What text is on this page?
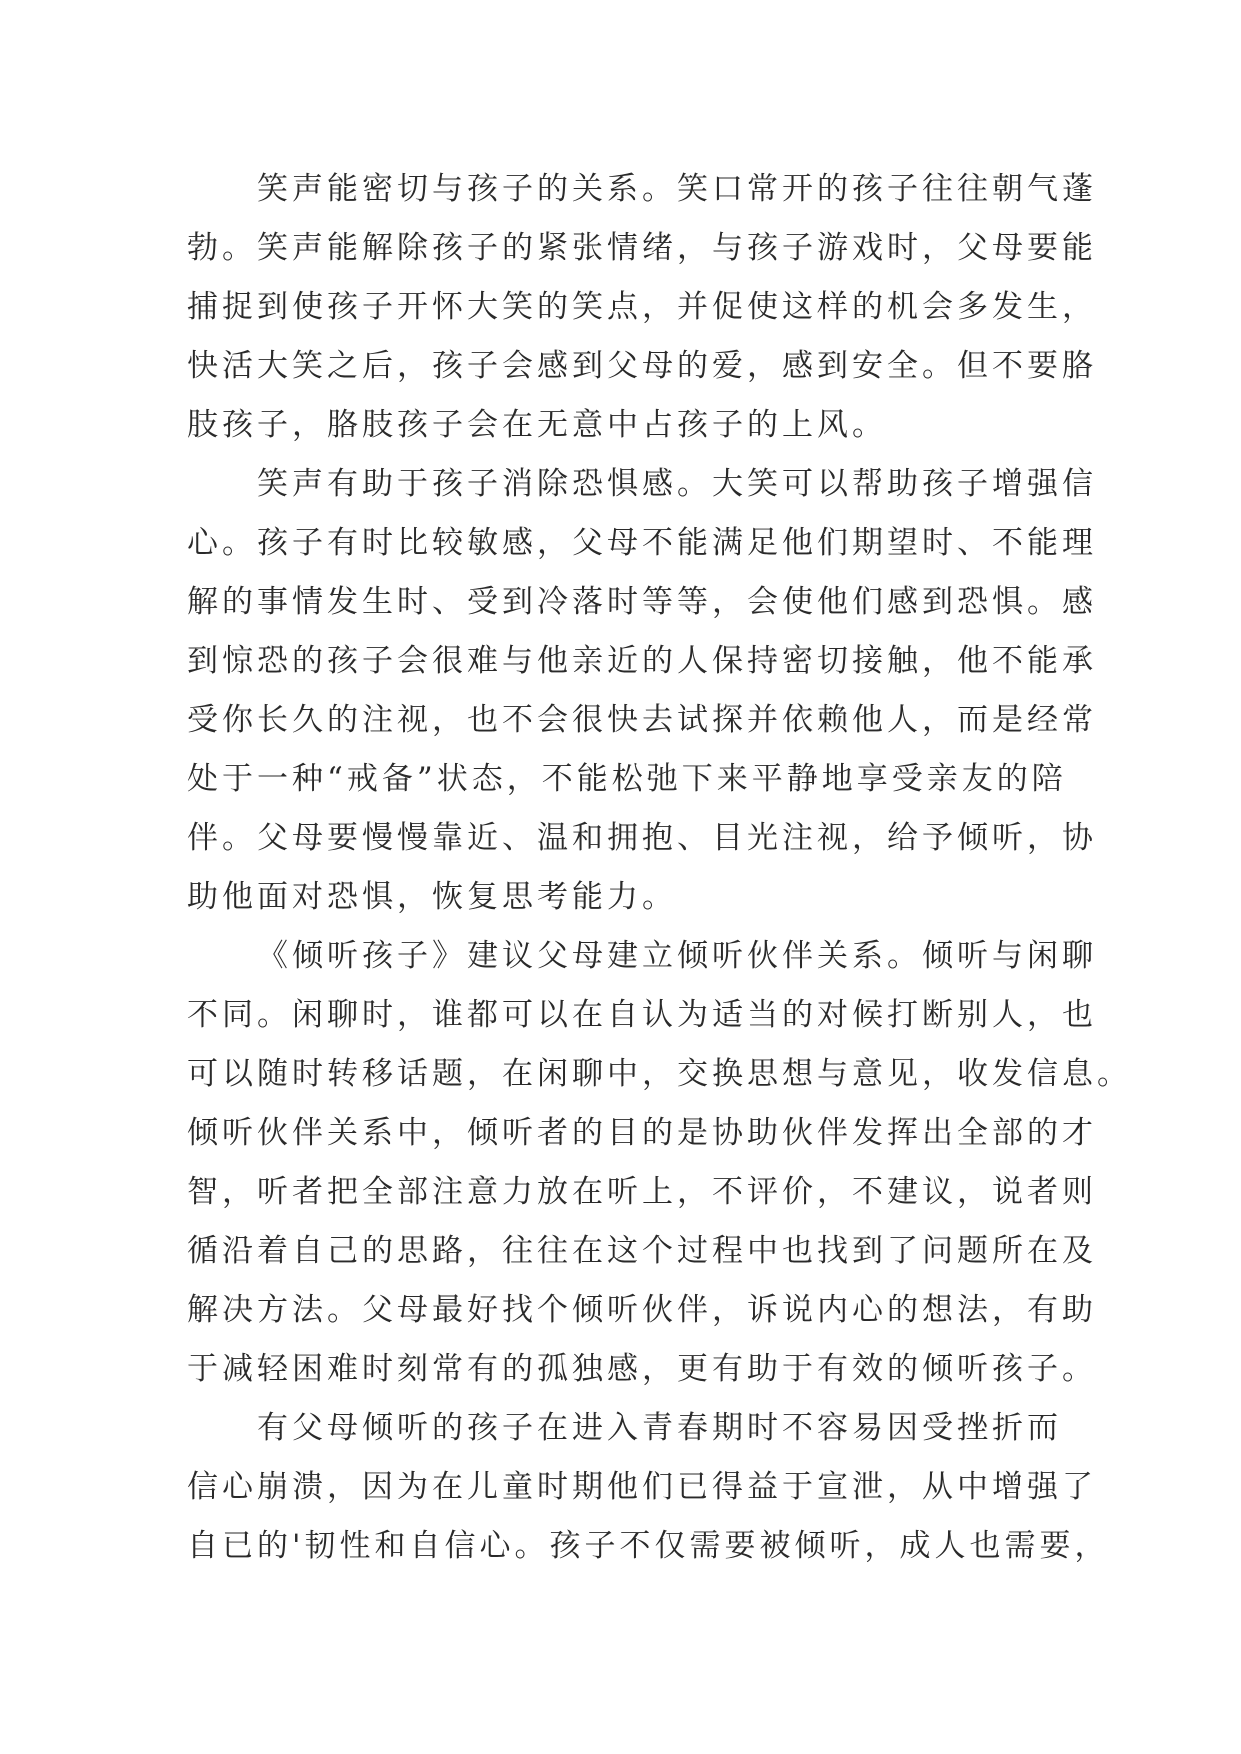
笑声能密切与孩子的关系。笑口常开的孩子往往朝气蓬
勃。笑声能解除孩子的紧张情绪，与孩子游戏时，父母要能
捕捉到使孩子开怀大笑的笑点，并促使这样的机会多发生，
快活大笑之后，孩子会感到父母的爱，感到安全。但不要胳
肢孩子，胳肢孩子会在无意中占孩子的上风。
笑声有助于孩子消除恐惧感。大笑可以帮助孩子增强信
心。孩子有时比较敏感，父母不能满足他们期望时、不能理
解的事情发生时、受到冷落时等等，会使他们感到恐惧。感
到惊恐的孩子会很难与他亲近的人保持密切接触，他不能承
受你长久的注视，也不会很快去试探并依赖他人，而是经常
处于一种“戒备”状态，不能松弛下来平静地享受亲友的陪
伴。父母要慢慢靠近、温和拥抱、目光注视，给予倾听，协
助他面对恐惧，恢复思考能力。
《倾听孩子》建议父母建立倾听伙伴关系。倾听与闲聊
不同。闲聊时，谁都可以在自认为适当的对候打断别人，也
可以随时转移话题，在闲聊中，交换思想与意见，收发信息。
倾听伙伴关系中，倾听者的目的是协助伙伴发挥出全部的才
智，听者把全部注意力放在听上，不评价，不建议，说者则
循沿着自己的思路，往往在这个过程中也找到了问题所在及
解决方法。父母最好找个倾听伙伴，诉说内心的想法，有助
于减轻困难时刻常有的孤独感，更有助于有效的倾听孩子。
有父母倾听的孩子在进入青春期时不容易因受挫折而
信心崩溃，因为在儿童时期他们已得益于宣泄，从中增强了
自已的'韧性和自信心。孩子不仅需要被倾听，成人也需要，
